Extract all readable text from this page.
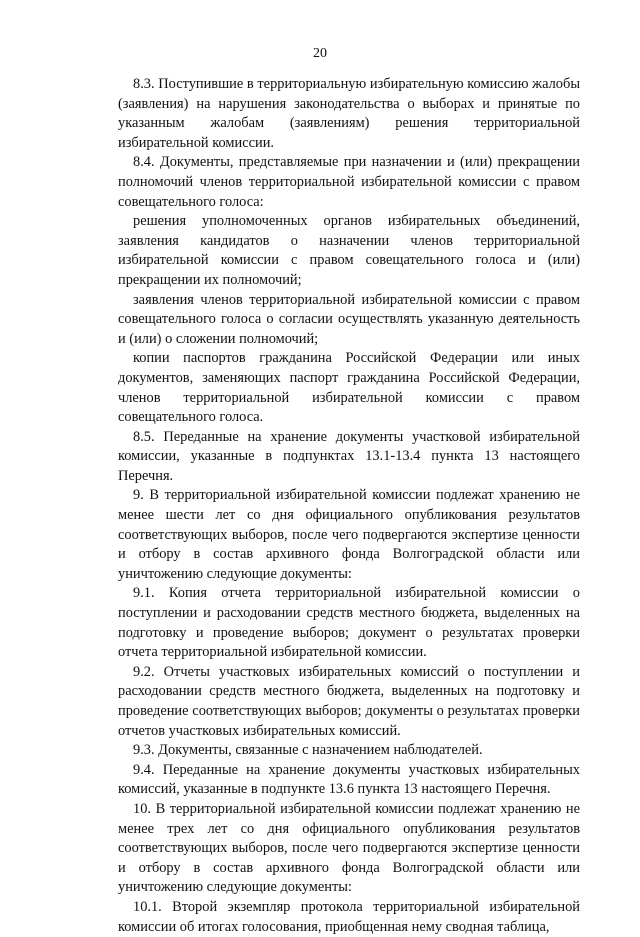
20

8.3. Поступившие в территориальную избирательную комиссию жалобы (заявления) на нарушения законодательства о выборах и принятые по указанным жалобам (заявлениям) решения территориальной избирательной комиссии.

8.4. Документы, представляемые при назначении и (или) прекращении полномочий членов территориальной избирательной комиссии с правом совещательного голоса:

решения уполномоченных органов избирательных объединений, заявления кандидатов о назначении членов территориальной избирательной комиссии с правом совещательного голоса и (или) прекращении их полномочий;

заявления членов территориальной избирательной комиссии с правом совещательного голоса о согласии осуществлять указанную деятельность и (или) о сложении полномочий;

копии паспортов гражданина Российской Федерации или иных документов, заменяющих паспорт гражданина Российской Федерации, членов территориальной избирательной комиссии с правом совещательного голоса.

8.5. Переданные на хранение документы участковой избирательной комиссии, указанные в подпунктах 13.1-13.4 пункта 13 настоящего Перечня.

9. В территориальной избирательной комиссии подлежат хранению не менее шести лет со дня официального опубликования результатов соответствующих выборов, после чего подвергаются экспертизе ценности и отбору в состав архивного фонда Волгоградской области или уничтожению следующие документы:

9.1. Копия отчета территориальной избирательной комиссии о поступлении и расходовании средств местного бюджета, выделенных на подготовку и проведение выборов; документ о результатах проверки отчета территориальной избирательной комиссии.

9.2. Отчеты участковых избирательных комиссий о поступлении и расходовании средств местного бюджета, выделенных на подготовку и проведение соответствующих выборов; документы о результатах проверки отчетов участковых избирательных комиссий.

9.3. Документы, связанные с назначением наблюдателей.

9.4. Переданные на хранение документы участковых избирательных комиссий, указанные в подпункте 13.6 пункта 13 настоящего Перечня.

10. В территориальной избирательной комиссии подлежат хранению не менее трех лет со дня официального опубликования результатов соответствующих выборов, после чего подвергаются экспертизе ценности и отбору в состав архивного фонда Волгоградской области или уничтожению следующие документы:

10.1. Второй экземпляр протокола территориальной избирательной комиссии об итогах голосования, приобщенная нему сводная таблица,
